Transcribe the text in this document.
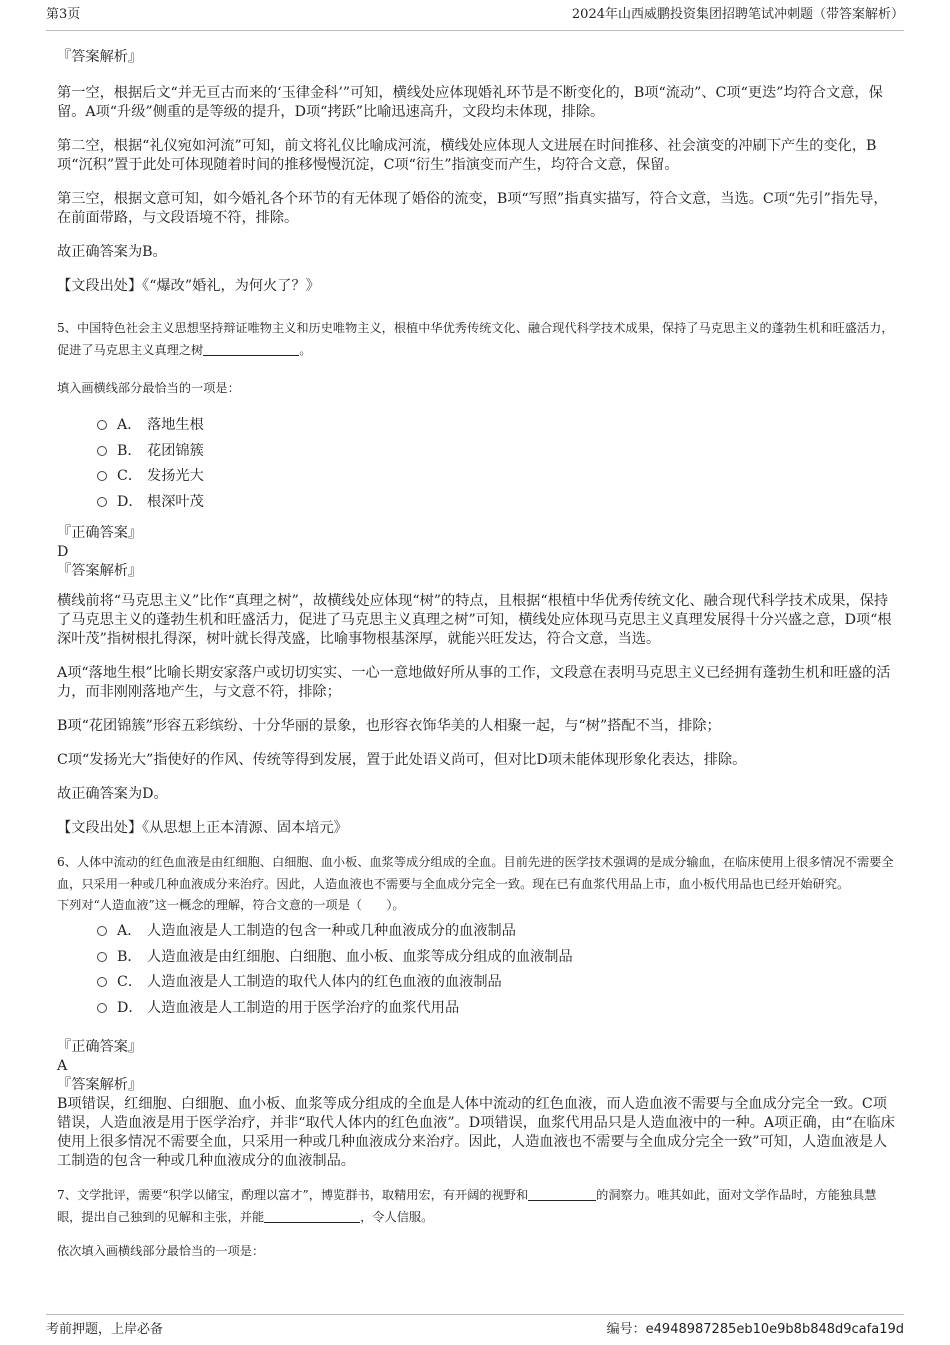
第3页	2024年山西威鹏投资集团招聘笔试冲刺题（带答案解析）

『答案解析』

第一空，根据后文“并无亘古而来的‘玉律金科’”可知，横线处应体现婚礼环节是不断变化的，B项“流动”、C项“更迭”均符合文意，保留。A项“升级”侧重的是等级的提升，D项“拷跃”比喻迅速高升，文段均未体现，排除。

第二空，根据“礼仪宛如河流”可知，前文将礼仪比喻成河流，横线处应体现人文进展在时间推移、社会演变的冲刷下产生的变化，B项“沉积”置于此处可体现随着时间的推移慢慢沉淀，C项“衍生”指演变而产生，均符合文意，保留。

第三空，根据文意可知，如今婚礼各个环节的有无体现了婚俗的流变，B项“写照”指真实描写，符合文意，当选。C项“先引”指先导，在前面带路，与文段语境不符，排除。

故正确答案为B。

【文段出处】《“爆改”婚礼，为何火了？》

5、中国特色社会主义思想坚持辩证唯物主义和历史唯物主义，根植中华优秀传统文化、融合现代科学技术成果，保持了马克思主义的蓬勃生机和旺盛活力，促进了马克思主义真理之树	。

填入画横线部分最恰当的一项是：

A． 落地生根
B． 花团锦簇
C． 发扬光大
D． 根深叶茂

『正确答案』

D

『答案解析』

横线前将“马克思主义”比作“真理之树”，故横线处应体现“树”的特点，且根据“根植中华优秀传统文化、融合现代科学技术成果，保持了马克思主义的蓬勃生机和旺盛活力，促进了马克思主义真理之树”可知，横线处应体现马克思主义真理发展得十分兴盛之意，D项“根深叶茂”指树根扎得深，树叶就长得茂盛，比喻事物根基深厚，就能兴旺发达，符合文意，当选。

A项“落地生根”比喻长期安家落户或切切实实、一心一意地做好所从事的工作，文段意在表明马克思主义已经拥有蓬勃生机和旺盛的活力，而非刚刚落地产生，与文意不符，排除；

B项“花团锦簇”形容五彩缤纷、十分华丽的景象，也形容衣饰华美的人相聚一起，与“树”搭配不当，排除；

C项“发扬光大”指使好的作风、传统等得到发展，置于此处语义尚可，但对比D项未能体现形象化表达，排除。

故正确答案为D。

【文段出处】《从思想上正本清源、固本培元》

6、人体中流动的红色血液是由红细胞、白细胞、血小板、血浆等成分组成的全血。目前先进的医学技术强调的是成分输血，在临床使用上很多情况不需要全血，只采用一种或几种血液成分来治疗。因此，人造血液也不需要与全血成分完全一致。现在已有血浆代用品上市，血小板代用品也已经开始研究。

下列对“人造血液”这一概念的理解，符合文意的一项是（　　）。

A． 人造血液是人工制造的包含一种或几种血液成分的血液制品
B． 人造血液是由红细胞、白细胞、血小板、血浆等成分组成的血液制品
C． 人造血液是人工制造的取代人体内的红色血液的血液制品
D． 人造血液是人工制造的用于医学治疗的血浆代用品

『正确答案』

A

『答案解析』

B项错误，红细胞、白细胞、血小板、血浆等成分组成的全血是人体中流动的红色血液，而人造血液不需要与全血成分完全一致。C项错误，人造血液是用于医学治疗，并非“取代人体内的红色血液”。D项错误，血浆代用品只是人造血液中的一种。A项正确，由“在临床使用上很多情况不需要全血，只采用一种或几种血液成分来治疗。因此，人造血液也不需要与全血成分完全一致”可知，人造血液是人工制造的包含一种或几种血液成分的血液制品。

7、文学批评，需要“积学以储宝，酌理以富才”，博览群书，取精用宏，有开阔的视野和	的洞察力。唯其如此，面对文学作品时，方能独具慧眼，提出自己独到的见解和主张，并能	，令人信服。

依次填入画横线部分最恰当的一项是：

考前押题，上岸必备	编号：e4948987285eb10e9b8b848d9cafa19d
